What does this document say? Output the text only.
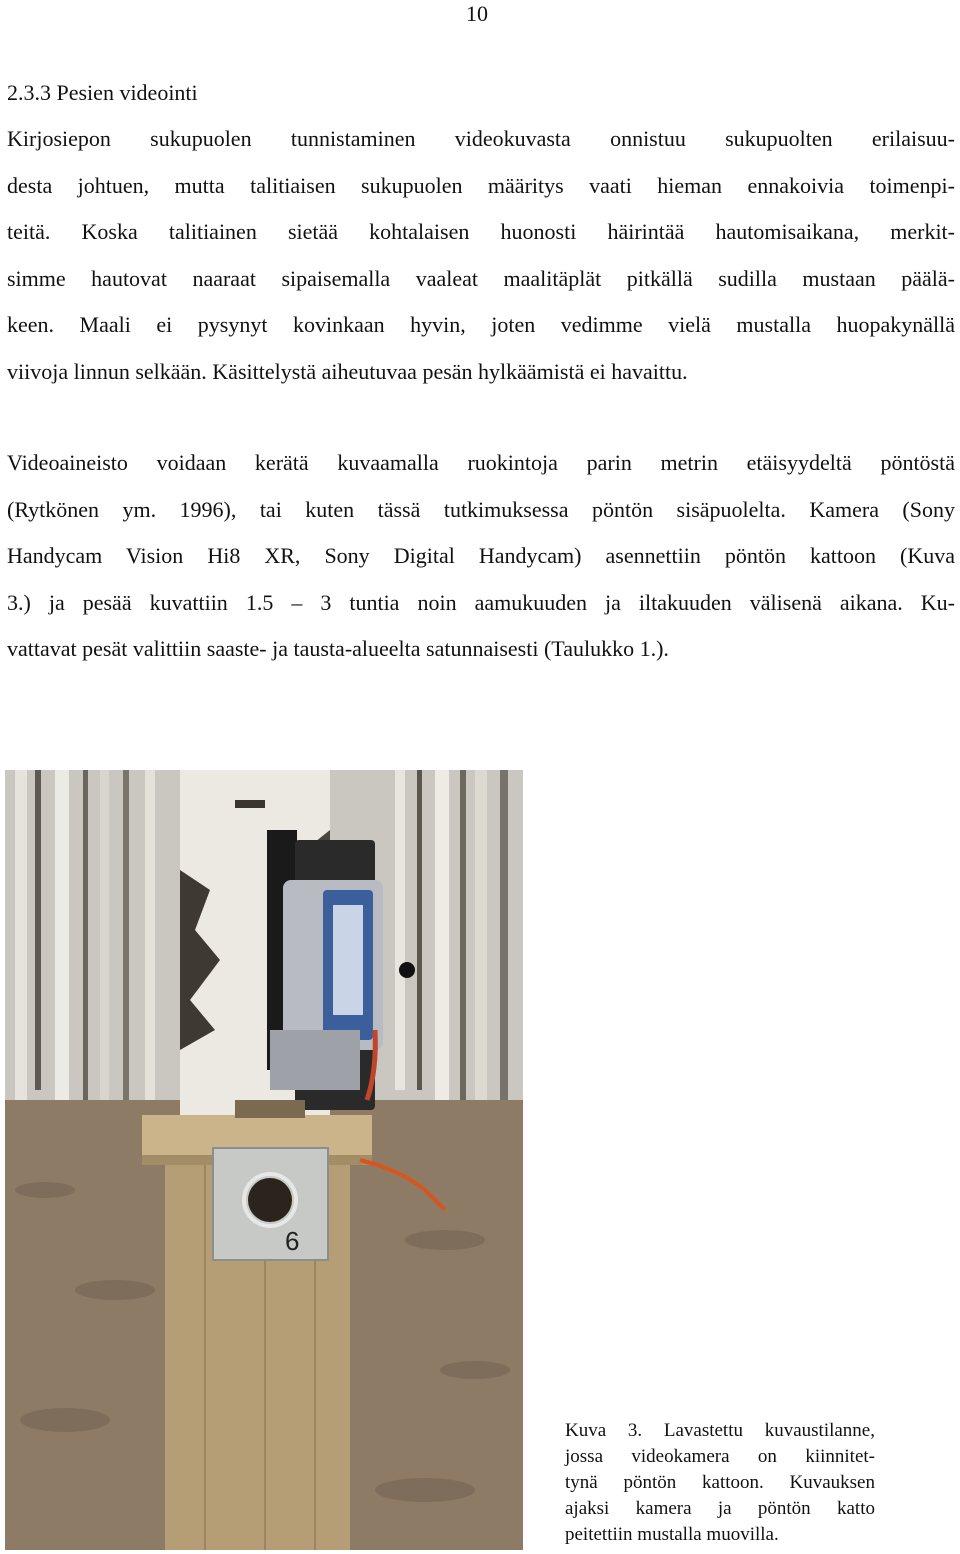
10
2.3.3 Pesien videointi
Kirjosiepon sukupuolen tunnistaminen videokuvasta onnistuu sukupuolten erilaisuu-
desta johtuen, mutta talitiaisen sukupuolen määritys vaati hieman ennakoivia toimenpi-
teitä. Koska talitiainen sietää kohtalaisen huonosti häirintää hautomisaikana, merkit-
simme hautovat naaraat sipaisemalla vaaleat maalitäplät pitkällä sudilla mustaan päälä-
keen. Maali ei pysynyt kovinkaan hyvin, joten vedimme vielä mustalla huopakynällä
viivoja linnun selkään. Käsittelystä aiheutuvaa pesän hylkäämistä ei havaittu.
Videoaineisto voidaan kerätä kuvaamalla ruokintoja parin metrin etäisyydeltä pöntöstä
(Rytkönen ym. 1996), tai kuten tässä tutkimuksessa pöntön sisäpuolelta. Kamera (Sony
Handycam Vision Hi8 XR, Sony Digital Handycam) asennettiin pöntön kattoon (Kuva
3.) ja pesää kuvattiin 1.5 – 3 tuntia noin aamukuuden ja iltakuuden välisenä aikana. Ku-
vattavat pesät valittiin saaste- ja tausta-alueelta satunnaisesti (Taulukko 1.).
6
Kuva 3. Lavastettu kuvaustilanne,
jossa videokamera on kiinnitet-
tynä pöntön kattoon. Kuvauksen
ajaksi kamera ja pöntön katto
peitettiin mustalla muovilla.
